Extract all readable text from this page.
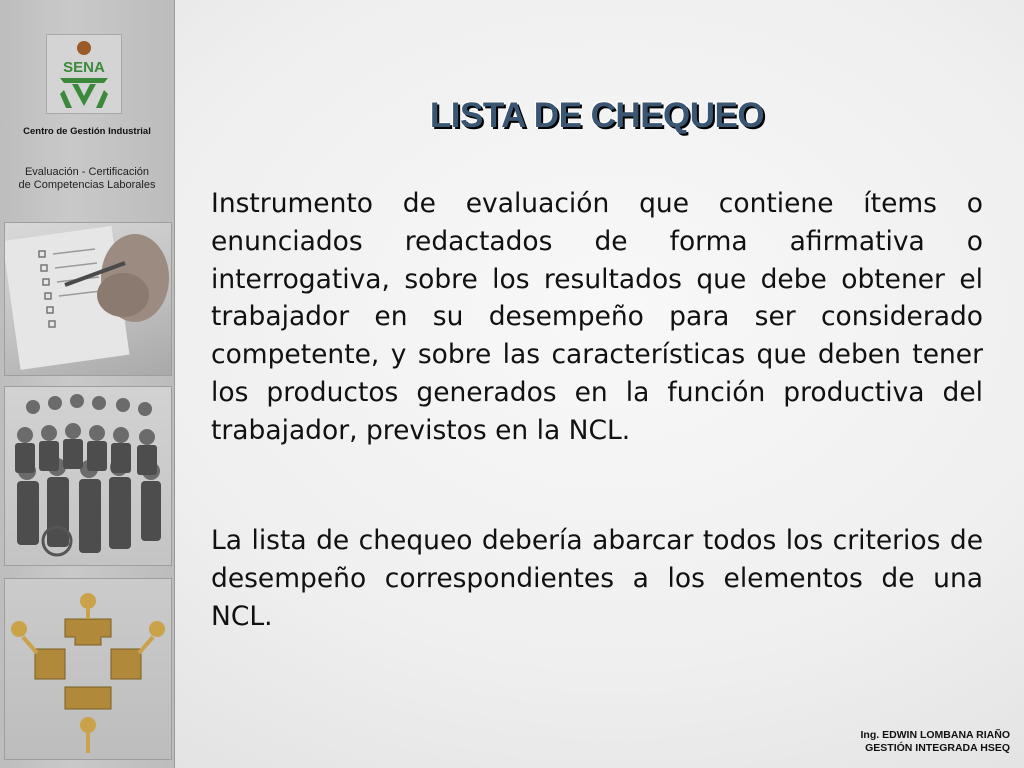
SENA
Centro de Gestión Industrial
Evaluación - Certificación
de Competencias Laborales
LISTA DE CHEQUEO

Instrumento de evaluación que contiene ítems o enunciados redactados de forma afirmativa o interrogativa, sobre los resultados que debe obtener el trabajador en su desempeño para ser considerado competente, y sobre las características que deben tener los productos generados en la función productiva del trabajador, previstos en la NCL.

La lista de chequeo debería abarcar todos los criterios de desempeño correspondientes a los elementos de una NCL.

Ing. EDWIN LOMBANA RIAÑO
GESTIÓN INTEGRADA HSEQ
